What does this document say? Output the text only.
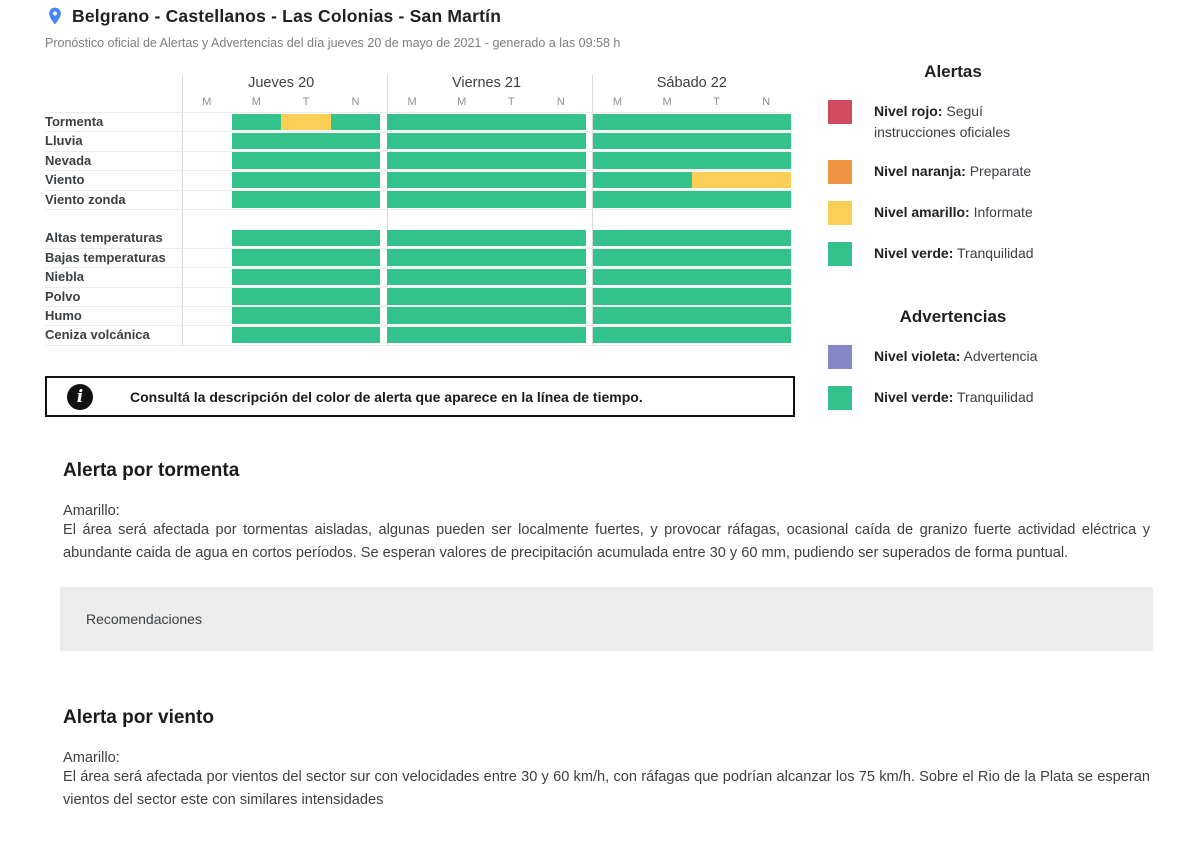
Belgrano - Castellanos - Las Colonias - San Martín
Pronóstico oficial de Alertas y Advertencias del día jueves 20 de mayo de 2021 - generado a las 09:58 h
Jueves 20
M	M	T	N
Viernes 21
M	M	T	N
Sábado 22
M	M	T	N
Tormenta
Lluvia
Nevada
Viento
Viento zonda
Altas temperaturas
Bajas temperaturas
Niebla
Polvo
Humo
Ceniza volcánica
Alertas
Nivel rojo: Seguí instrucciones oficiales
Nivel naranja: Preparate
Nivel amarillo: Informate
Nivel verde: Tranquilidad
Advertencias
Nivel violeta: Advertencia
Nivel verde: Tranquilidad
i	Consultá la descripción del color de alerta que aparece en la línea de tiempo.
Alerta por tormenta
Amarillo:
El área será afectada por tormentas aisladas, algunas pueden ser localmente fuertes, y provocar ráfagas, ocasional caída de granizo fuerte actividad eléctrica y abundante caida de agua en cortos períodos. Se esperan valores de precipitación acumulada entre 30 y 60 mm, pudiendo ser superados de forma puntual.
Recomendaciones
Alerta por viento
Amarillo:
El área será afectada por vientos del sector sur con velocidades entre 30 y 60 km/h, con ráfagas que podrían alcanzar los 75 km/h. Sobre el Rio de la Plata se esperan vientos del sector este con similares intensidades
